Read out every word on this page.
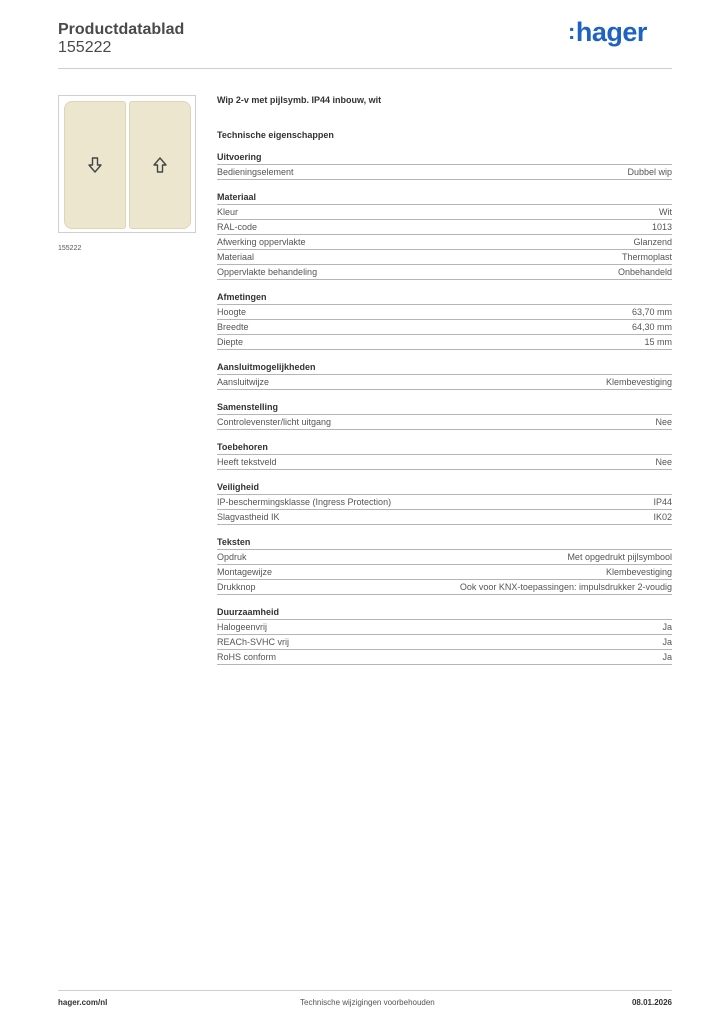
Productdatablad
155222
:hager
155222
Wip 2-v met pijlsymb. IP44 inbouw, wit
Technische eigenschappen
Uitvoering
Bedieningselement	Dubbel wip
Materiaal
Kleur	Wit
RAL-code	1013
Afwerking oppervlakte	Glanzend
Materiaal	Thermoplast
Oppervlakte behandeling	Onbehandeld
Afmetingen
Hoogte	63,70 mm
Breedte	64,30 mm
Diepte	15 mm
Aansluitmogelijkheden
Aansluitwijze	Klembevestiging
Samenstelling
Controlevenster/licht uitgang	Nee
Toebehoren
Heeft tekstveld	Nee
Veiligheid
IP-beschermingsklasse (Ingress Protection)	IP44
Slagvastheid IK	IK02
Teksten
Opdruk	Met opgedrukt pijlsymbool
Montagewijze	Klembevestiging
Drukknop	Ook voor KNX-toepassingen: impulsdrukker 2-voudig
Duurzaamheid
Halogeenvrij	Ja
REACh-SVHC vrij	Ja
RoHS conform	Ja
hager.com/nl	Technische wijzigingen voorbehouden	08.01.2026
